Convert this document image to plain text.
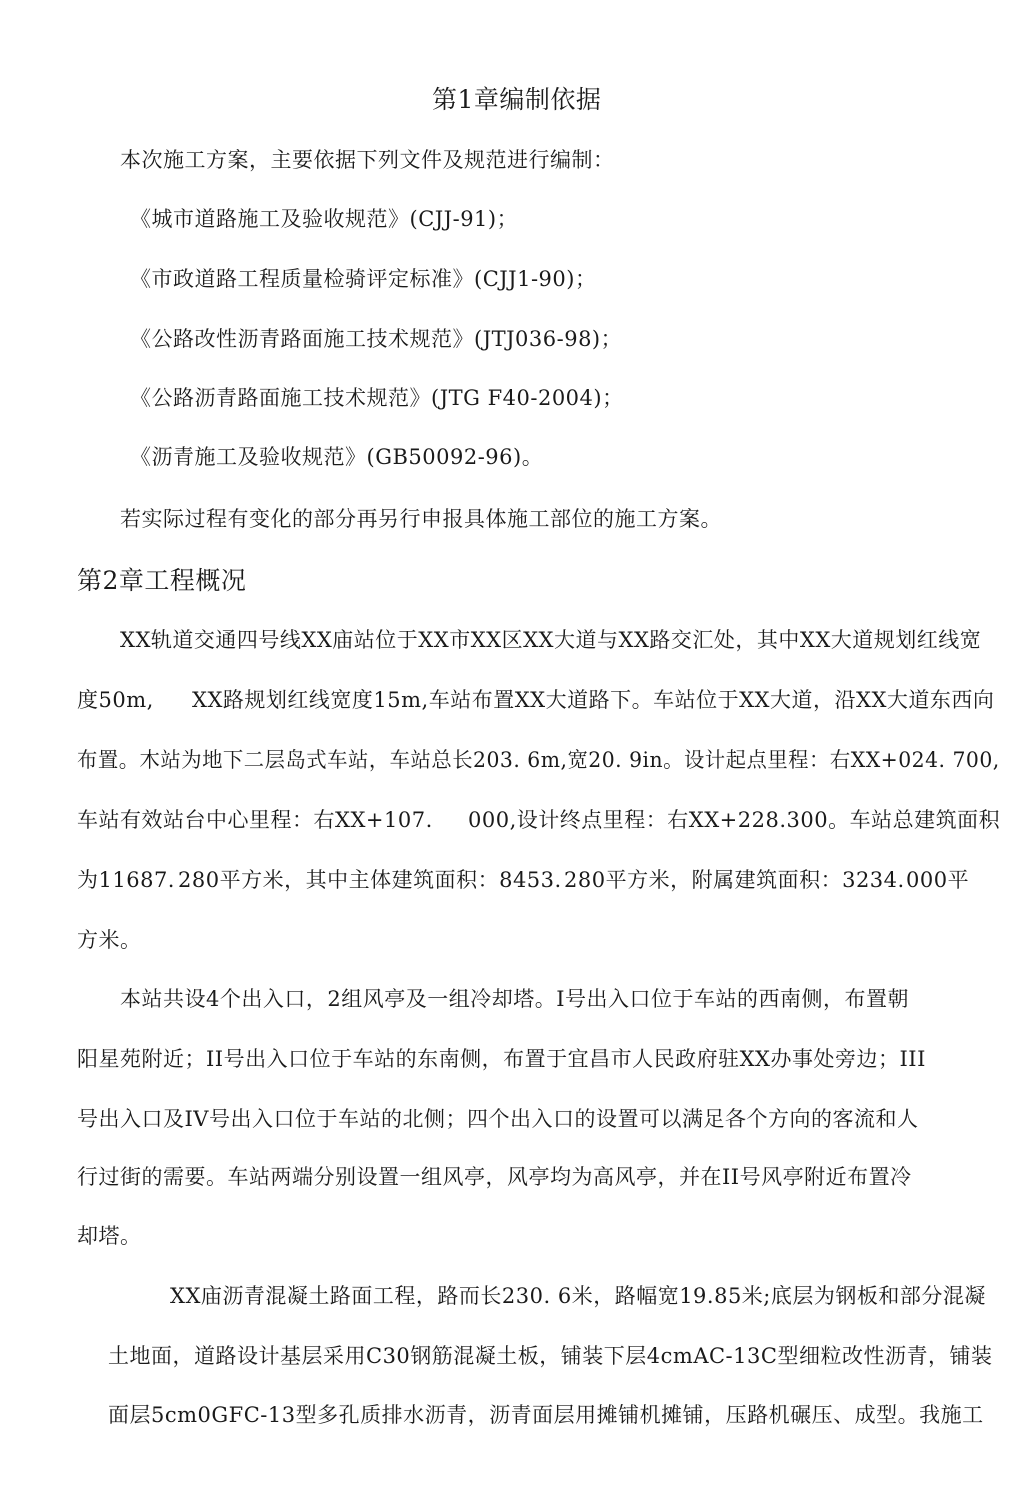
第1章编制依据
本次施工方案，主要依据下列文件及规范进行编制：
《城市道路施工及验收规范》(CJJ-91)；
《市政道路工程质量检骑评定标准》(CJJ1-90)；
《公路改性沥青路面施工技术规范》(JTJ036-98)；
《公路沥青路面施工技术规范》(JTG F40-2004)；
《沥青施工及验收规范》(GB50092-96)。
若实际过程有变化的部分再另行申报具体施工部位的施工方案。
第2章工程概况
XX轨道交通四号线XX庙站位于XX市XX区XX大道与XX路交汇处，其中XX大道规划红线宽
度50m, XX路规划红线宽度15m,车站布置XX大道路下。车站位于XX大道，沿XX大道东西向
布置。木站为地下二层岛式车站，车站总长203. 6m,宽20. 9in。设计起点里程：右XX+024. 700,
车站有效站台中心里程：右XX+107. 000,设计终点里程：右XX+228.300。车站总建筑面积
为11687. 280平方米，其中主体建筑面积：8453. 280平方米，附属建筑面积：3234. 000平
方米。
本站共设4个出入口，2组风亭及一组冷却塔。I号出入口位于车站的西南侧，布置朝
阳星苑附近；II号出入口位于车站的东南侧，布置于宜昌市人民政府驻XX办事处旁边；III
号出入口及IV号出入口位于车站的北侧；四个出入口的设置可以满足各个方向的客流和人
行过街的需要。车站两端分别设置一组风亭，风亭均为高风亭，并在II号风亭附近布置冷
却塔。
XX庙沥青混凝土路面工程，路而长230. 6米，路幅宽19.85米;底层为钢板和部分混凝
土地面，道路设计基层采用C30钢筋混凝土板，铺装下层4cmAC-13C型细粒改性沥青，铺装
面层5cm0GFC-13型多孔质排水沥青，沥青面层用摊铺机摊铺，压路机碾压、成型。我施工
